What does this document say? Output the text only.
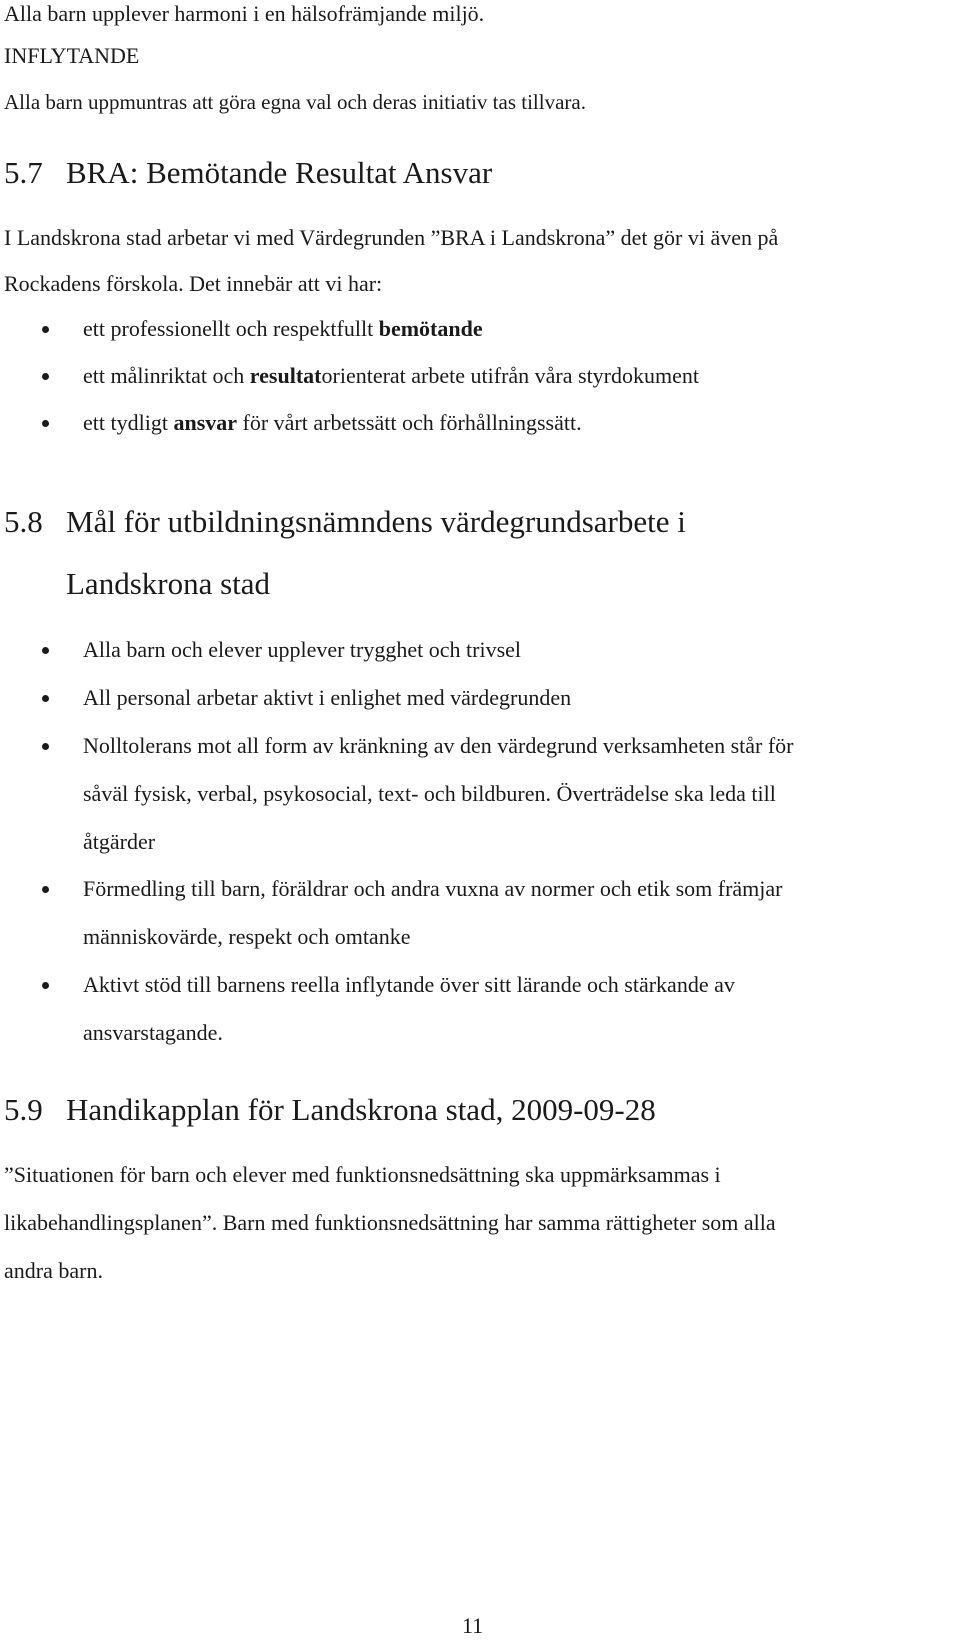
Alla barn upplever harmoni i en hälsofrämjande miljö.

INFLYTANDE

Alla barn uppmuntras att göra egna val och deras initiativ tas tillvara.

5.7 BRA: Bemötande Resultat Ansvar

I Landskrona stad arbetar vi med Värdegrunden ”BRA i Landskrona” det gör vi även på

Rockadens förskola. Det innebär att vi har:

ett professionellt och respektfullt bemötande

ett målinriktat och resultatorienterat arbete utifrån våra styrdokument

ett tydligt ansvar för vårt arbetssätt och förhållningssätt.

5.8 Mål för utbildningsnämndens värdegrundsarbete i
Landskrona stad

Alla barn och elever upplever trygghet och trivsel

All personal arbetar aktivt i enlighet med värdegrunden

Nolltolerans mot all form av kränkning av den värdegrund verksamheten står för

såväl fysisk, verbal, psykosocial, text- och bildburen. Överträdelse ska leda till

åtgärder

Förmedling till barn, föräldrar och andra vuxna av normer och etik som främjar

människovärde, respekt och omtanke

Aktivt stöd till barnens reella inflytande över sitt lärande och stärkande av

ansvarstagande.

5.9 Handikapplan för Landskrona stad, 2009-09-28

”Situationen för barn och elever med funktionsnedsättning ska uppmärksammas i

likabehandlingsplanen”. Barn med funktionsnedsättning har samma rättigheter som alla

andra barn.

11
